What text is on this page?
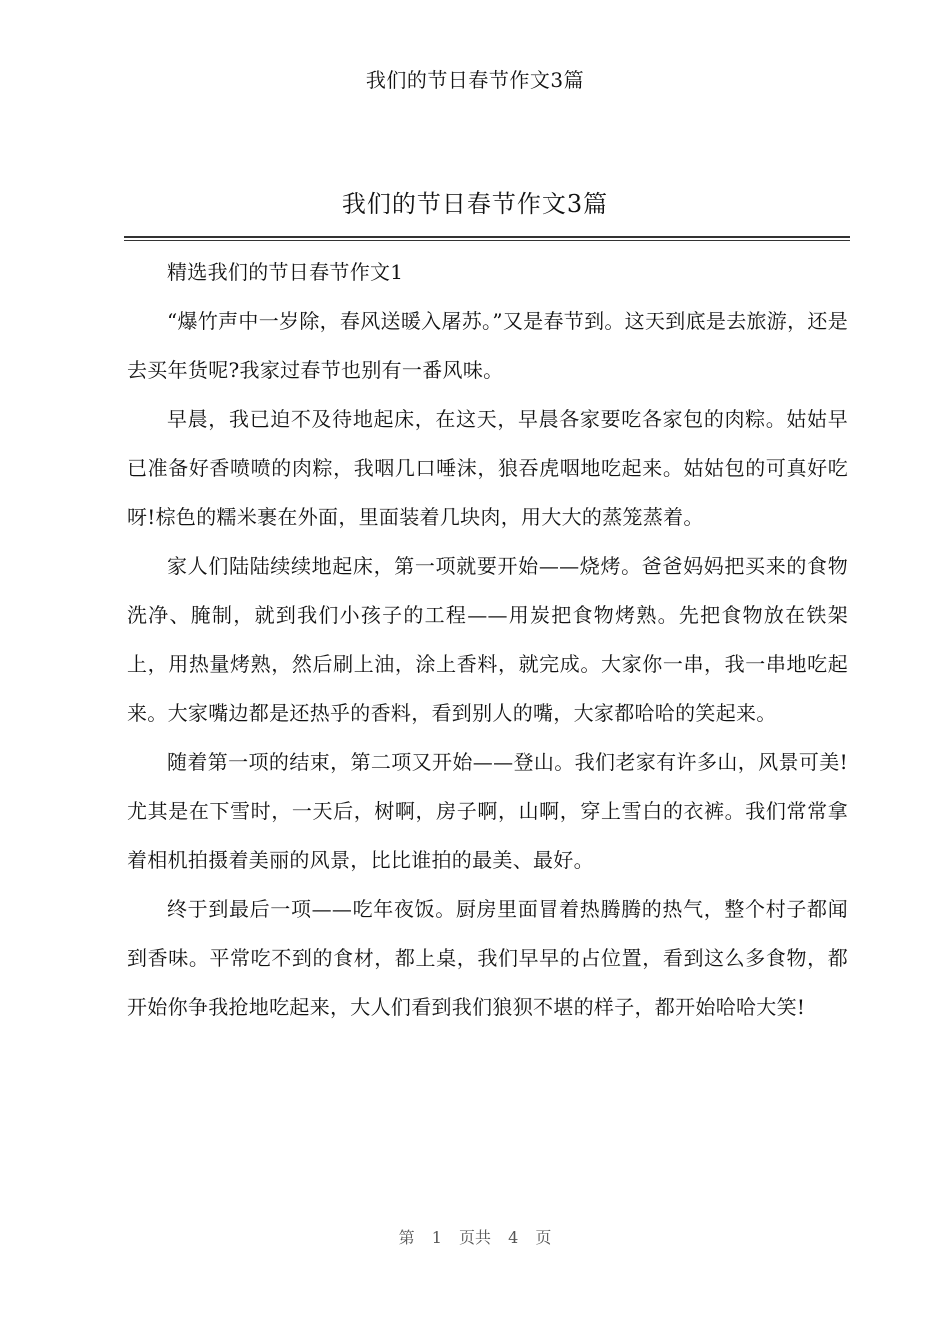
我们的节日春节作文3篇
我们的节日春节作文3篇

精选我们的节日春节作文1

“爆竹声中一岁除，春风送暖入屠苏。”又是春节到。这天到底是去旅游，还是去买年货呢?我家过春节也别有一番风味。

早晨，我已迫不及待地起床，在这天，早晨各家要吃各家包的肉粽。姑姑早已准备好香喷喷的肉粽，我咽几口唾沫，狼吞虎咽地吃起来。姑姑包的可真好吃呀!棕色的糯米裹在外面，里面装着几块肉，用大大的蒸笼蒸着。

家人们陆陆续续地起床，第一项就要开始——烧烤。爸爸妈妈把买来的食物洗净、腌制，就到我们小孩子的工程——用炭把食物烤熟。先把食物放在铁架上，用热量烤熟，然后刷上油，涂上香料，就完成。大家你一串，我一串地吃起来。大家嘴边都是还热乎的香料，看到别人的嘴，大家都哈哈的笑起来。

随着第一项的结束，第二项又开始——登山。我们老家有许多山，风景可美!尤其是在下雪时，一天后，树啊，房子啊，山啊，穿上雪白的衣裤。我们常常拿着相机拍摄着美丽的风景，比比谁拍的最美、最好。

终于到最后一项——吃年夜饭。厨房里面冒着热腾腾的热气，整个村子都闻到香味。平常吃不到的食材，都上桌，我们早早的占位置，看到这么多食物，都开始你争我抢地吃起来，大人们看到我们狼狈不堪的样子，都开始哈哈大笑!

第 1 页共 4 页
